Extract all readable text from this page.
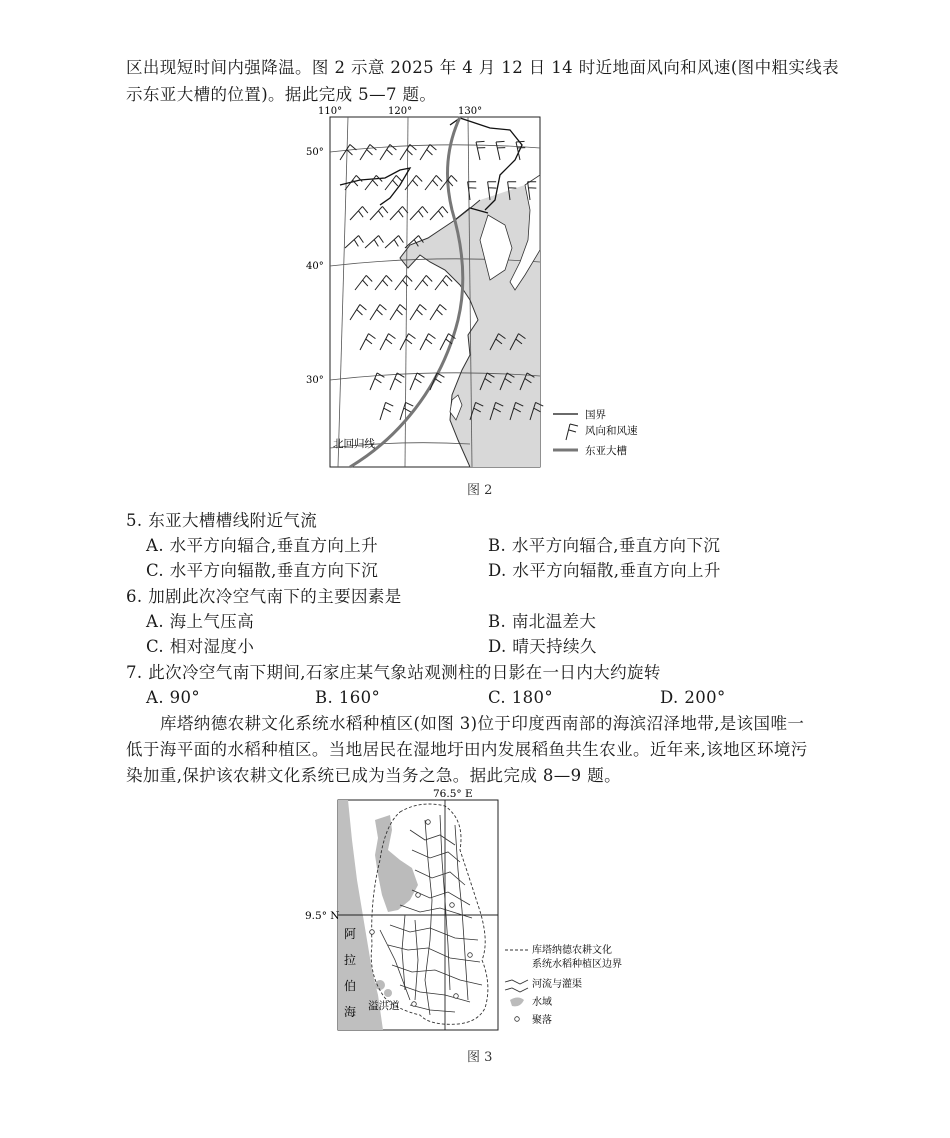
区出现短时间内强降温。图 2 示意 2025 年 4 月 12 日 14 时近地面风向和风速(图中粗实线表
示东亚大槽的位置)。据此完成 5—7 题。
110°	120°	130°
50°
40°
30°
北回归线
国界
风向和风速
东亚大槽
图 2
5. 东亚大槽槽线附近气流
A. 水平方向辐合,垂直方向上升	B. 水平方向辐合,垂直方向下沉
C. 水平方向辐散,垂直方向下沉	D. 水平方向辐散,垂直方向上升
6. 加剧此次冷空气南下的主要因素是
A. 海上气压高	B. 南北温差大
C. 相对湿度小	D. 晴天持续久
7. 此次冷空气南下期间,石家庄某气象站观测柱的日影在一日内大约旋转
A. 90°	B. 160°	C. 180°	D. 200°
库塔纳德农耕文化系统水稻种植区(如图 3)位于印度西南部的海滨沼泽地带,是该国唯一
低于海平面的水稻种植区。当地居民在湿地圩田内发展稻鱼共生农业。近年来,该地区环境污
染加重,保护该农耕文化系统已成为当务之急。据此完成 8—9 题。
76.5° E
9.5° N
阿
拉
伯
海 溢洪道
库塔纳德农耕文化
系统水稻种植区边界
河流与灌渠
水域
聚落
图 3
